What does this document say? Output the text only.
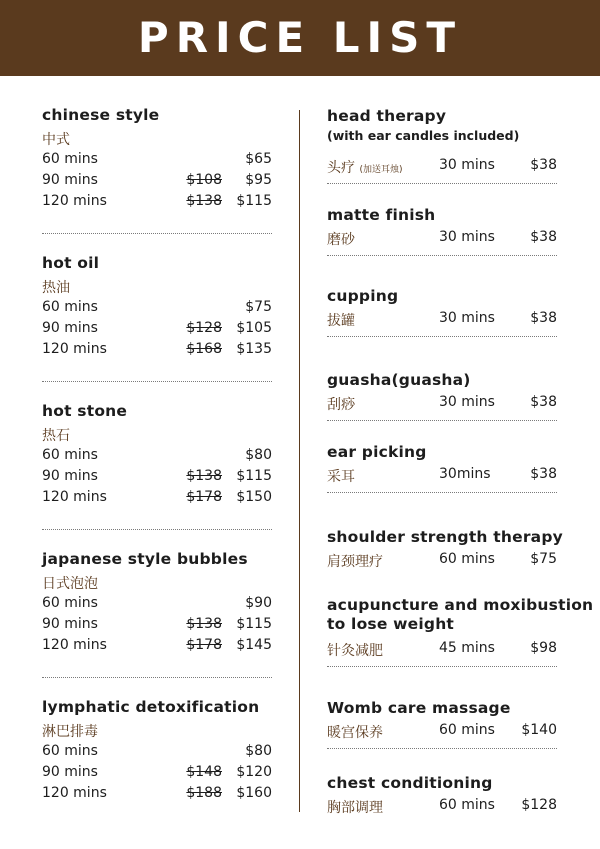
PRICE LIST
chinese style
中式
60 mins	$65
90 mins	$108 $95
120 mins	$138 $115
hot oil
热油
60 mins	$75
90 mins	$128 $105
120 mins	$168 $135
hot stone
热石
60 mins	$80
90 mins	$138 $115
120 mins	$178 $150
japanese style bubbles
日式泡泡
60 mins	$90
90 mins	$138 $115
120 mins	$178 $145
lymphatic detoxification
淋巴排毒
60 mins	$80
90 mins	$148 $120
120 mins	$188 $160
head therapy
(with ear candles included)
头疗 (加送耳烛)	30 mins	$38
matte finish
磨砂	30 mins	$38
cupping
拔罐	30 mins	$38
guasha(guasha)
刮痧	30 mins	$38
ear picking
采耳	30mins	$38
shoulder strength therapy
肩颈理疗	60 mins	$75
acupuncture and moxibustion
to lose weight
针灸减肥	45 mins	$98
Womb care massage
暖宫保养	60 mins $140
chest conditioning
胸部调理	60 mins $128
